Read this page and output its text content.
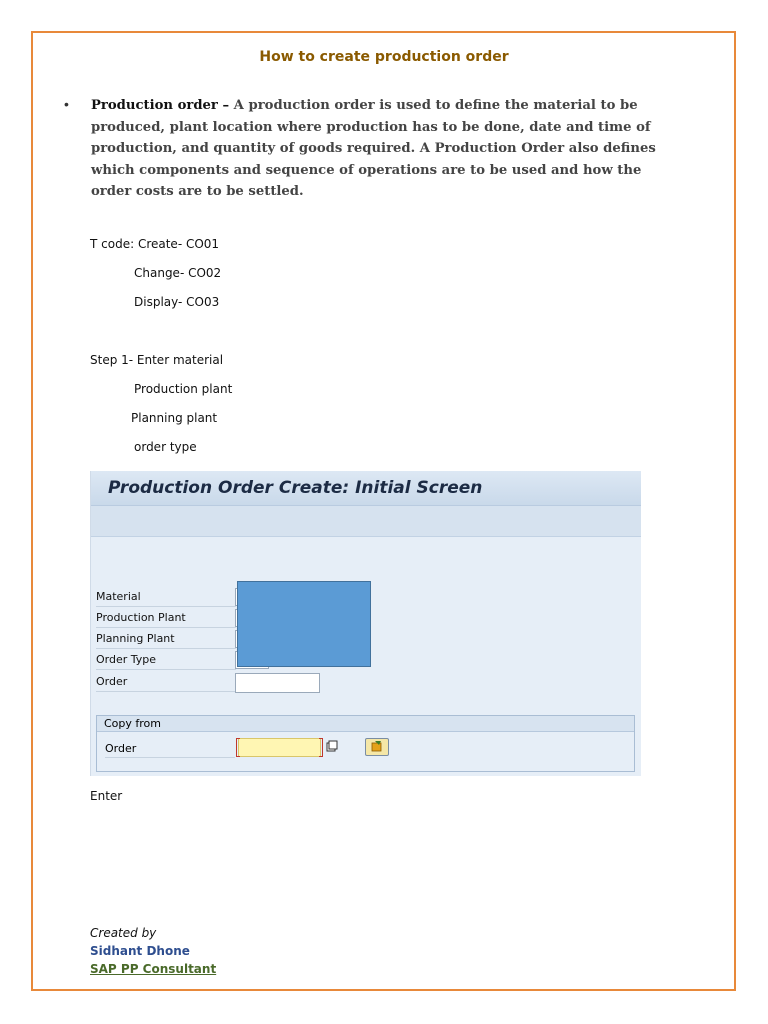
How to create production order
• Production order – A production order is used to define the material to be produced, plant location where production has to be done, date and time of production, and quantity of goods required. A Production Order also defines which components and sequence of operations are to be used and how the order costs are to be settled.
T code: Create- CO01
Change- CO02
Display- CO03
Step 1- Enter material
Production plant
Planning plant
order type
Production Order Create: Initial Screen
Material
Production Plant
Planning Plant
Order Type
Order
Copy from
Order
Enter
Created by
Sidhant Dhone
SAP PP Consultant
